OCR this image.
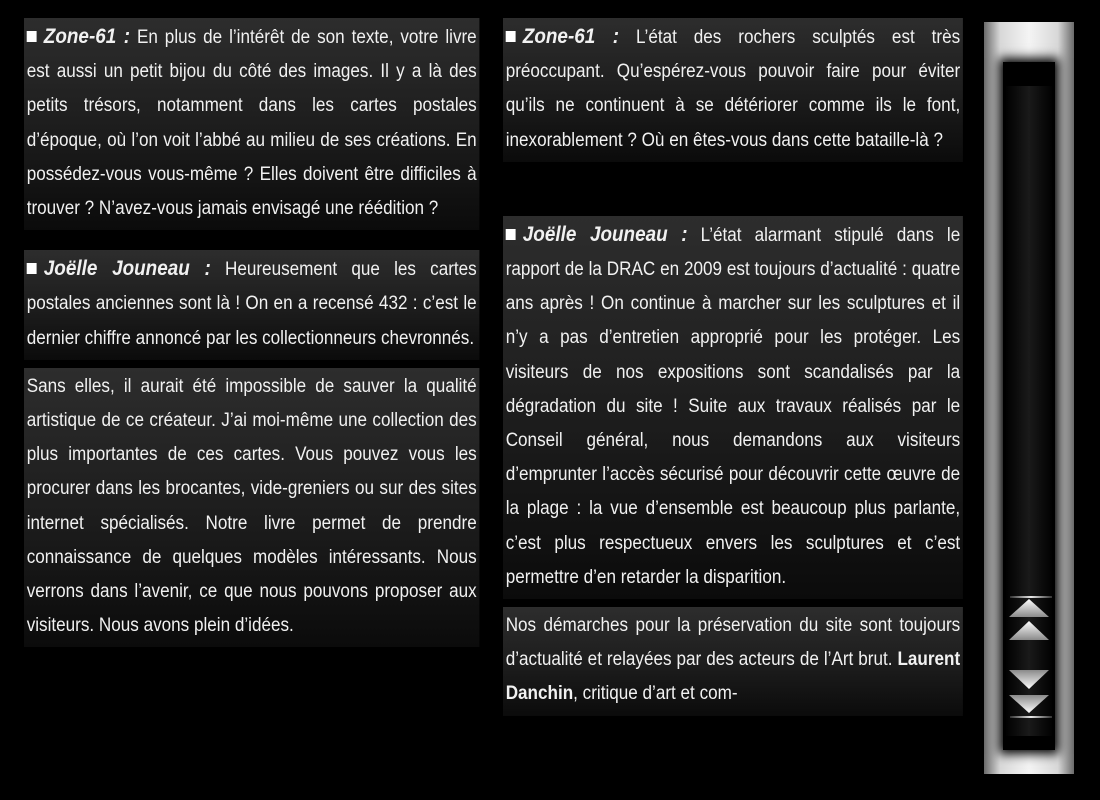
Zone-61 : En plus de l’intérêt de son texte, votre livre est aussi un petit bijou du côté des images. Il y a là des petits trésors, notamment dans les cartes postales d’époque, où l’on voit l’abbé au milieu de ses créations. En possédez-vous vous-même ? Elles doivent être difficiles à trouver ? N’avez-vous jamais envisagé une réédition ?

Joëlle Jouneau : Heureusement que les cartes postales anciennes sont là ! On en a recensé 432 : c’est le dernier chiffre annoncé par les collectionneurs chevronnés.

Sans elles, il aurait été impossible de sauver la qualité artistique de ce créateur. J’ai moi-même une collection des plus importantes de ces cartes. Vous pouvez vous les procurer dans les brocantes, vide-greniers ou sur des sites internet spécialisés. Notre livre permet de prendre connaissance de quelques modèles intéressants. Nous verrons dans l’avenir, ce que nous pouvons proposer aux visiteurs. Nous avons plein d’idées.

Zone-61 : L’état des rochers sculptés est très préoccupant. Qu’espérez-vous pouvoir faire pour éviter qu’ils ne continuent à se détériorer comme ils le font, inexorablement ? Où en êtes-vous dans cette bataille-là ?

Joëlle Jouneau : L’état alarmant stipulé dans le rapport de la DRAC en 2009 est toujours d’actualité : quatre ans après ! On continue à marcher sur les sculptures et il n’y a pas d’entretien approprié pour les protéger. Les visiteurs de nos expositions sont scandalisés par la dégradation du site ! Suite aux travaux réalisés par le Conseil général, nous demandons aux visiteurs d’emprunter l’accès sécurisé pour découvrir cette œuvre de la plage : la vue d’ensemble est beaucoup plus parlante, c’est plus respectueux envers les sculptures et c’est permettre d’en retarder la disparition.

Nos démarches pour la préservation du site sont toujours d’actualité et relayées par des acteurs de l’Art brut. Laurent Danchin, critique d’art et com-
